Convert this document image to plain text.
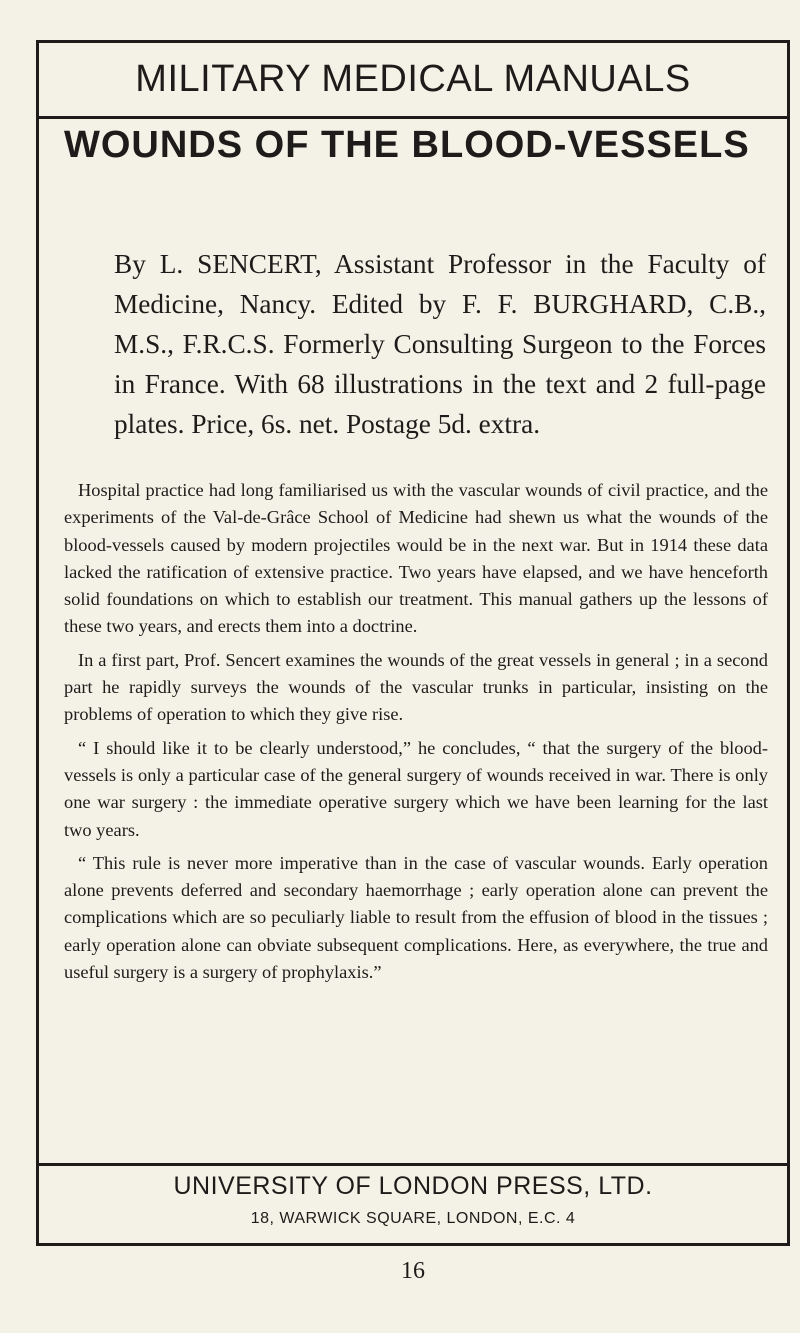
MILITARY MEDICAL MANUALS
WOUNDS OF THE BLOOD-VESSELS

By L. SENCERT, Assistant Professor in the Faculty of Medicine, Nancy. Edited by F. F. BURGHARD, C.B., M.S., F.R.C.S. Formerly Consulting Surgeon to the Forces in France. With 68 illustrations in the text and 2 full-page plates. Price, 6s. net. Postage 5d. extra.

Hospital practice had long familiarised us with the vascular wounds of civil practice, and the experiments of the Val-de-Grâce School of Medicine had shewn us what the wounds of the blood-vessels caused by modern projectiles would be in the next war. But in 1914 these data lacked the ratification of extensive practice. Two years have elapsed, and we have henceforth solid foundations on which to establish our treatment. This manual gathers up the lessons of these two years, and erects them into a doctrine.

In a first part, Prof. Sencert examines the wounds of the great vessels in general ; in a second part he rapidly surveys the wounds of the vascular trunks in particular, insisting on the problems of operation to which they give rise.

“ I should like it to be clearly understood,” he concludes, “ that the surgery of the blood-vessels is only a particular case of the general surgery of wounds received in war. There is only one war surgery : the immediate operative surgery which we have been learning for the last two years.

“ This rule is never more imperative than in the case of vascular wounds. Early operation alone prevents deferred and secondary haemorrhage ; early operation alone can prevent the complications which are so peculiarly liable to result from the effusion of blood in the tissues ; early operation alone can obviate subsequent complications. Here, as everywhere, the true and useful surgery is a surgery of prophylaxis.”

UNIVERSITY OF LONDON PRESS, LTD.

18, WARWICK SQUARE, LONDON, E.C. 4

16
